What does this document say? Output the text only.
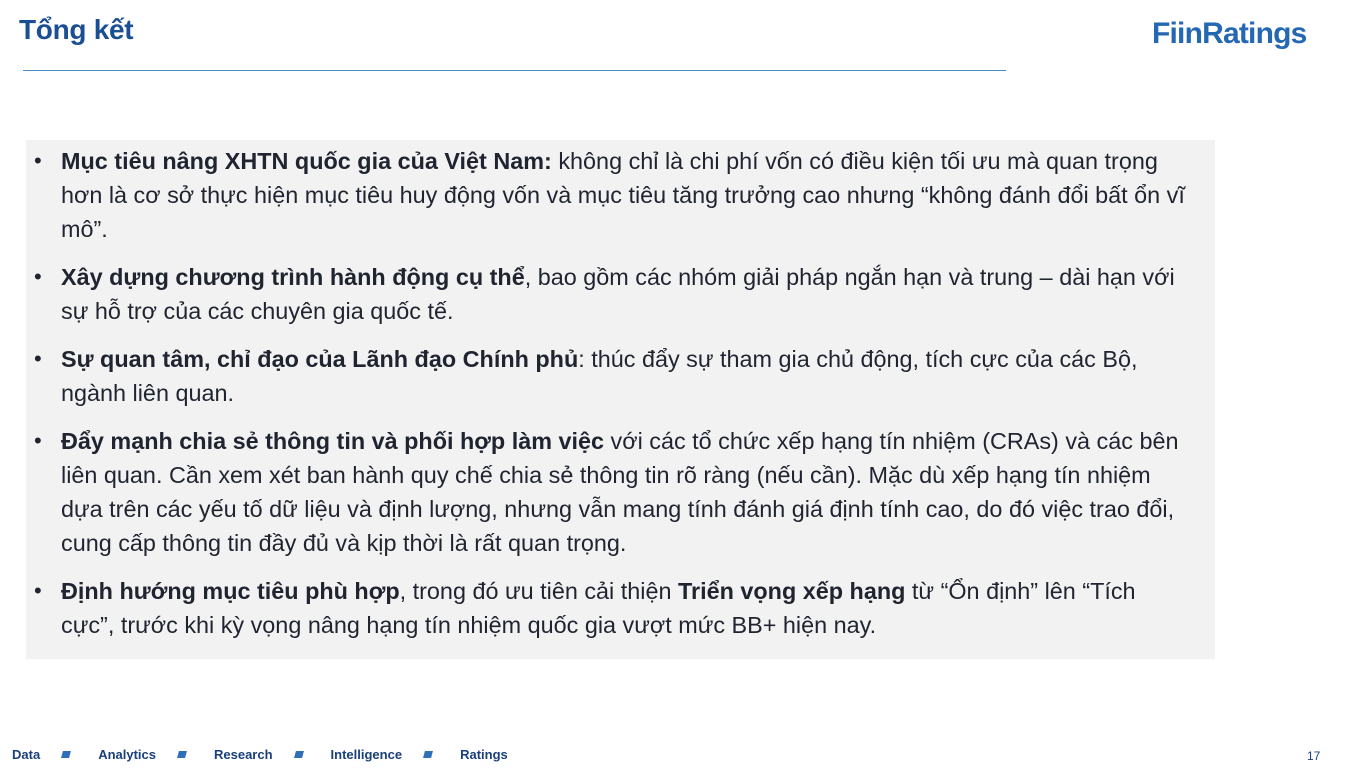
Tổng kết	FiinRatings
• Mục tiêu nâng XHTN quốc gia của Việt Nam: không chỉ là chi phí vốn có điều kiện tối ưu mà quan trọng hơn là cơ sở thực hiện mục tiêu huy động vốn và mục tiêu tăng trưởng cao nhưng “không đánh đổi bất ổn vĩ mô”.
• Xây dựng chương trình hành động cụ thể, bao gồm các nhóm giải pháp ngắn hạn và trung – dài hạn với sự hỗ trợ của các chuyên gia quốc tế.
• Sự quan tâm, chỉ đạo của Lãnh đạo Chính phủ: thúc đẩy sự tham gia chủ động, tích cực của các Bộ, ngành liên quan.
• Đẩy mạnh chia sẻ thông tin và phối hợp làm việc với các tổ chức xếp hạng tín nhiệm (CRAs) và các bên liên quan. Cần xem xét ban hành quy chế chia sẻ thông tin rõ ràng (nếu cần). Mặc dù xếp hạng tín nhiệm dựa trên các yếu tố dữ liệu và định lượng, nhưng vẫn mang tính đánh giá định tính cao, do đó việc trao đổi, cung cấp thông tin đầy đủ và kịp thời là rất quan trọng.
• Định hướng mục tiêu phù hợp, trong đó ưu tiên cải thiện Triển vọng xếp hạng từ “Ổn định” lên “Tích cực”, trước khi kỳ vọng nâng hạng tín nhiệm quốc gia vượt mức BB+ hiện nay.
Data	Analytics	Research	Intelligence	Ratings	17
